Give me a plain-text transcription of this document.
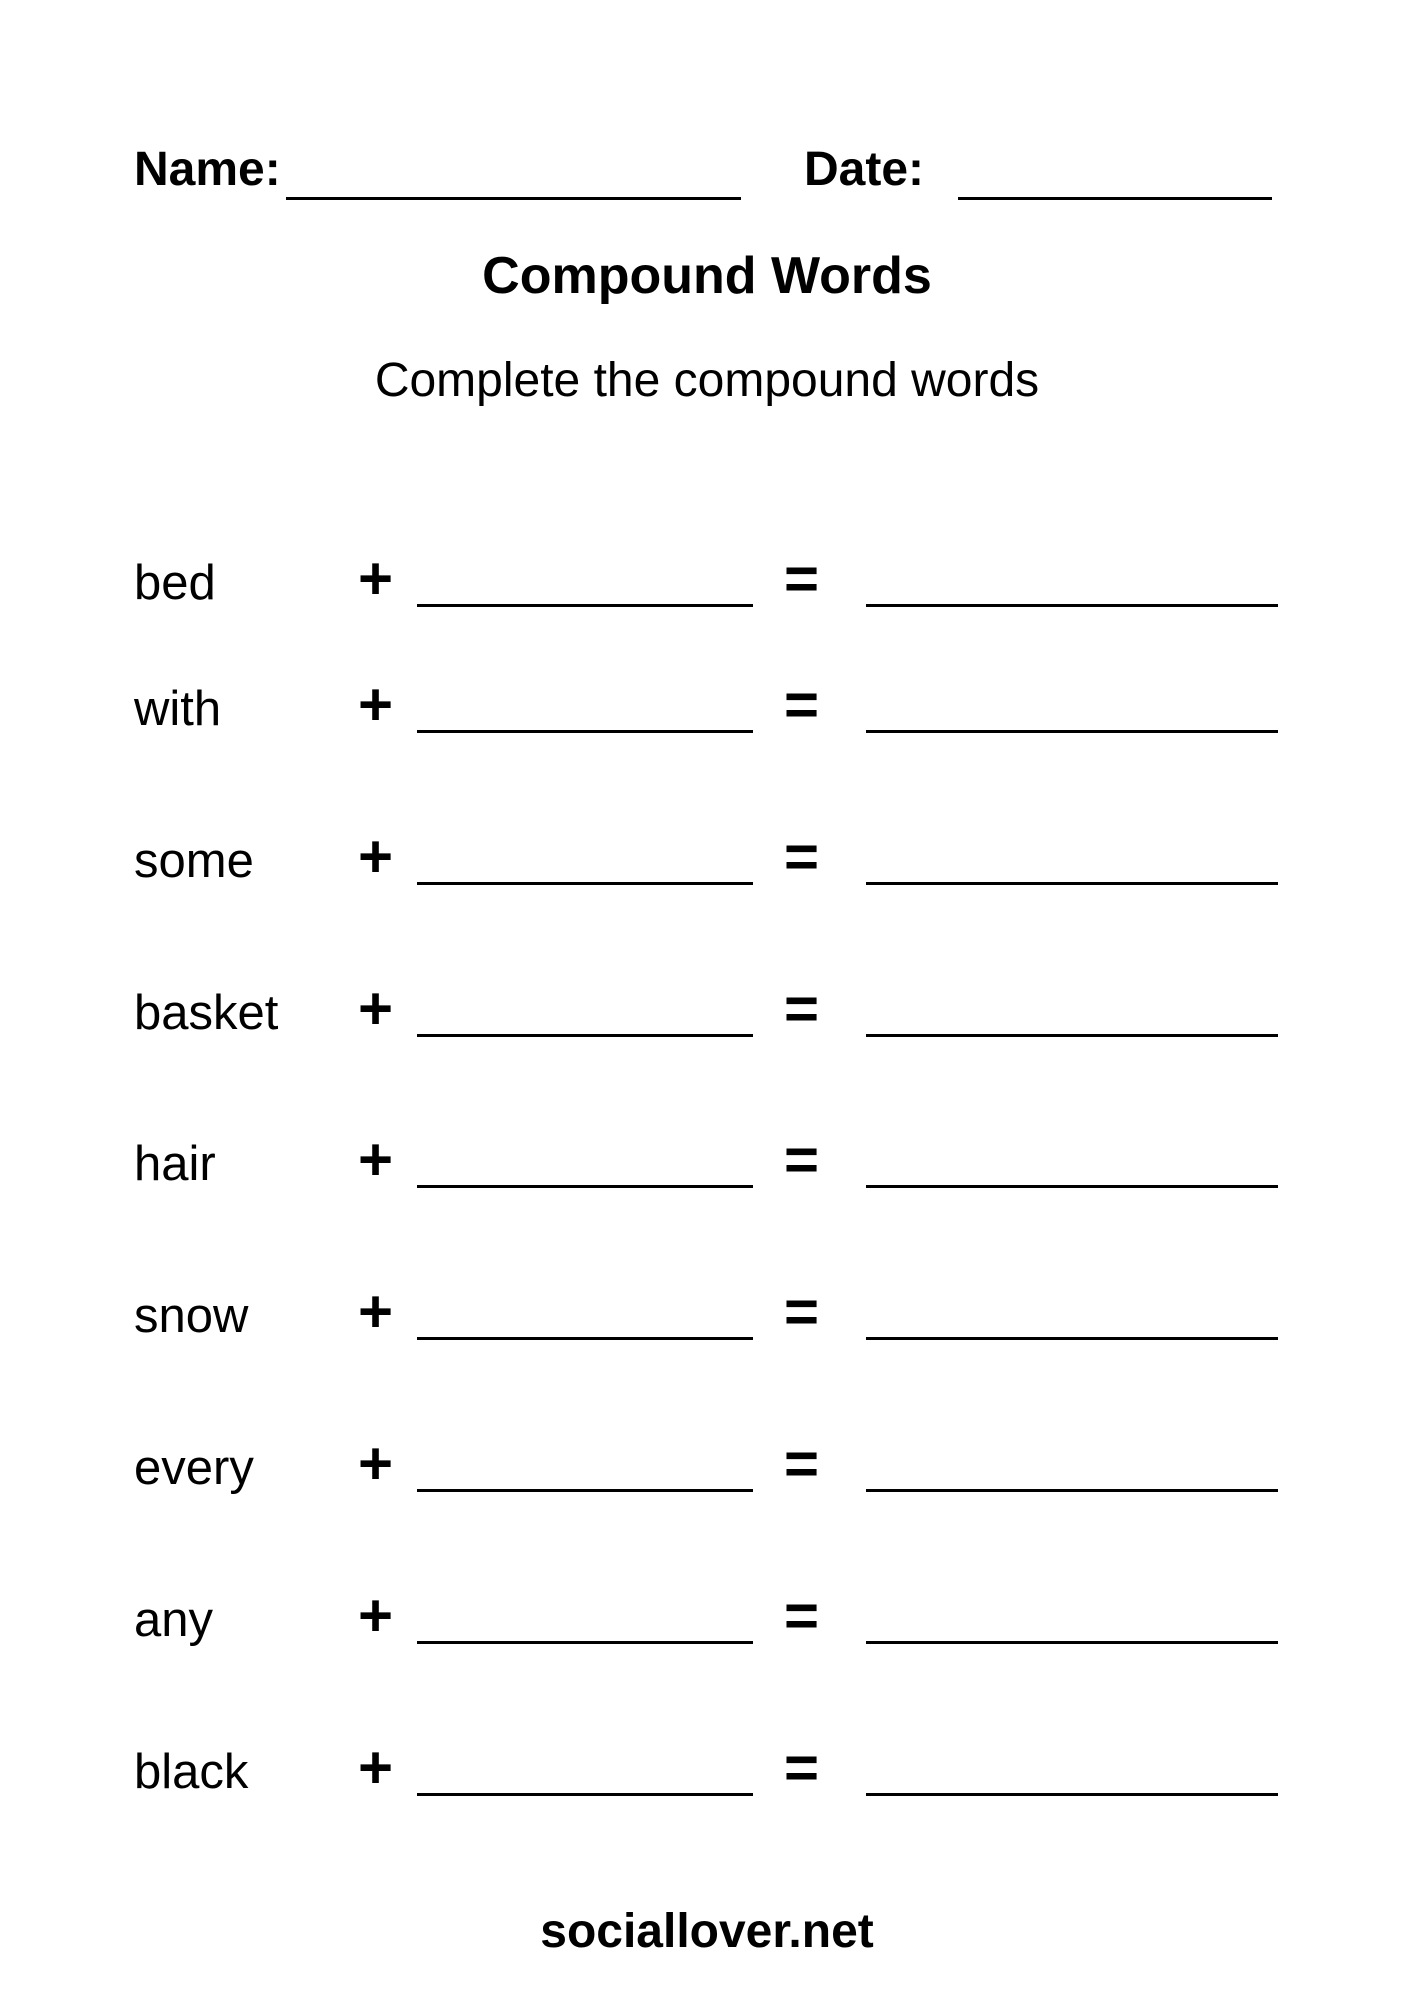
Name:	Date:
Compound Words
Complete the compound words
bed +	=
with +	=
some +	=
basket +	=
hair +	=
snow +	=
every +	=
any +	=
black +	=
sociallover.net
